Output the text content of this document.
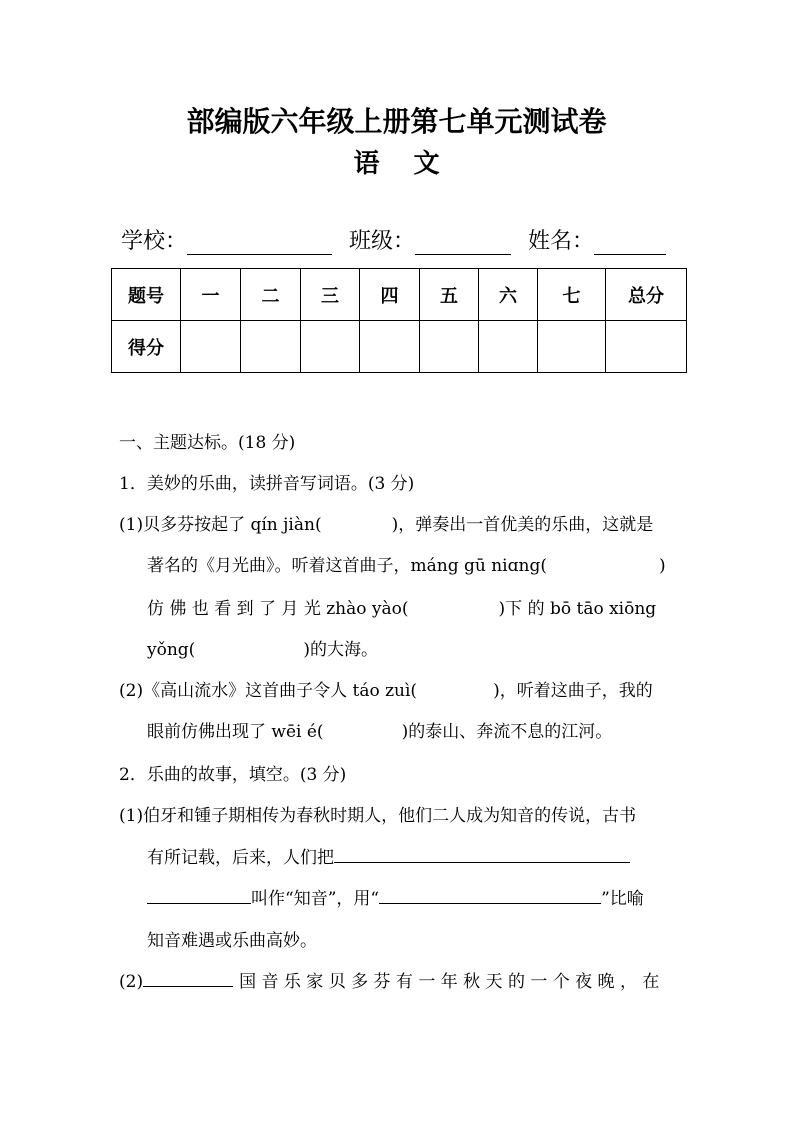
部编版六年级上册第七单元测试卷
语文
学校：	班级：	姓名：
题号	一	二	三	四	五	六	七	总分
得分								
一、主题达标。(18 分)
1．美妙的乐曲，读拼音写词语。(3 分)
(1)贝多芬按起了 qín jiàn(	)，弹奏出一首优美的乐曲，这就是
著名的《月光曲》。听着这首曲子，máng gū niɑng(	)
仿 佛 也 看 到 了 月 光 zhào yào(	)下 的 bō tāo xiōng
yǒng(	)的大海。
(2)《高山流水》这首曲子令人 táo zuì(	)，听着这曲子，我的
眼前仿佛出现了 wēi é(	)的泰山、奔流不息的江河。
2．乐曲的故事，填空。(3 分)
(1)伯牙和锺子期相传为春秋时期人，他们二人成为知音的传说，古书
有所记载，后来，人们把
叫作“知音”，用“	”比喻
知音难遇或乐曲高妙。
(2)	国 音 乐 家 贝 多 芬 有 一 年 秋 天 的 一 个 夜 晚 ， 在
